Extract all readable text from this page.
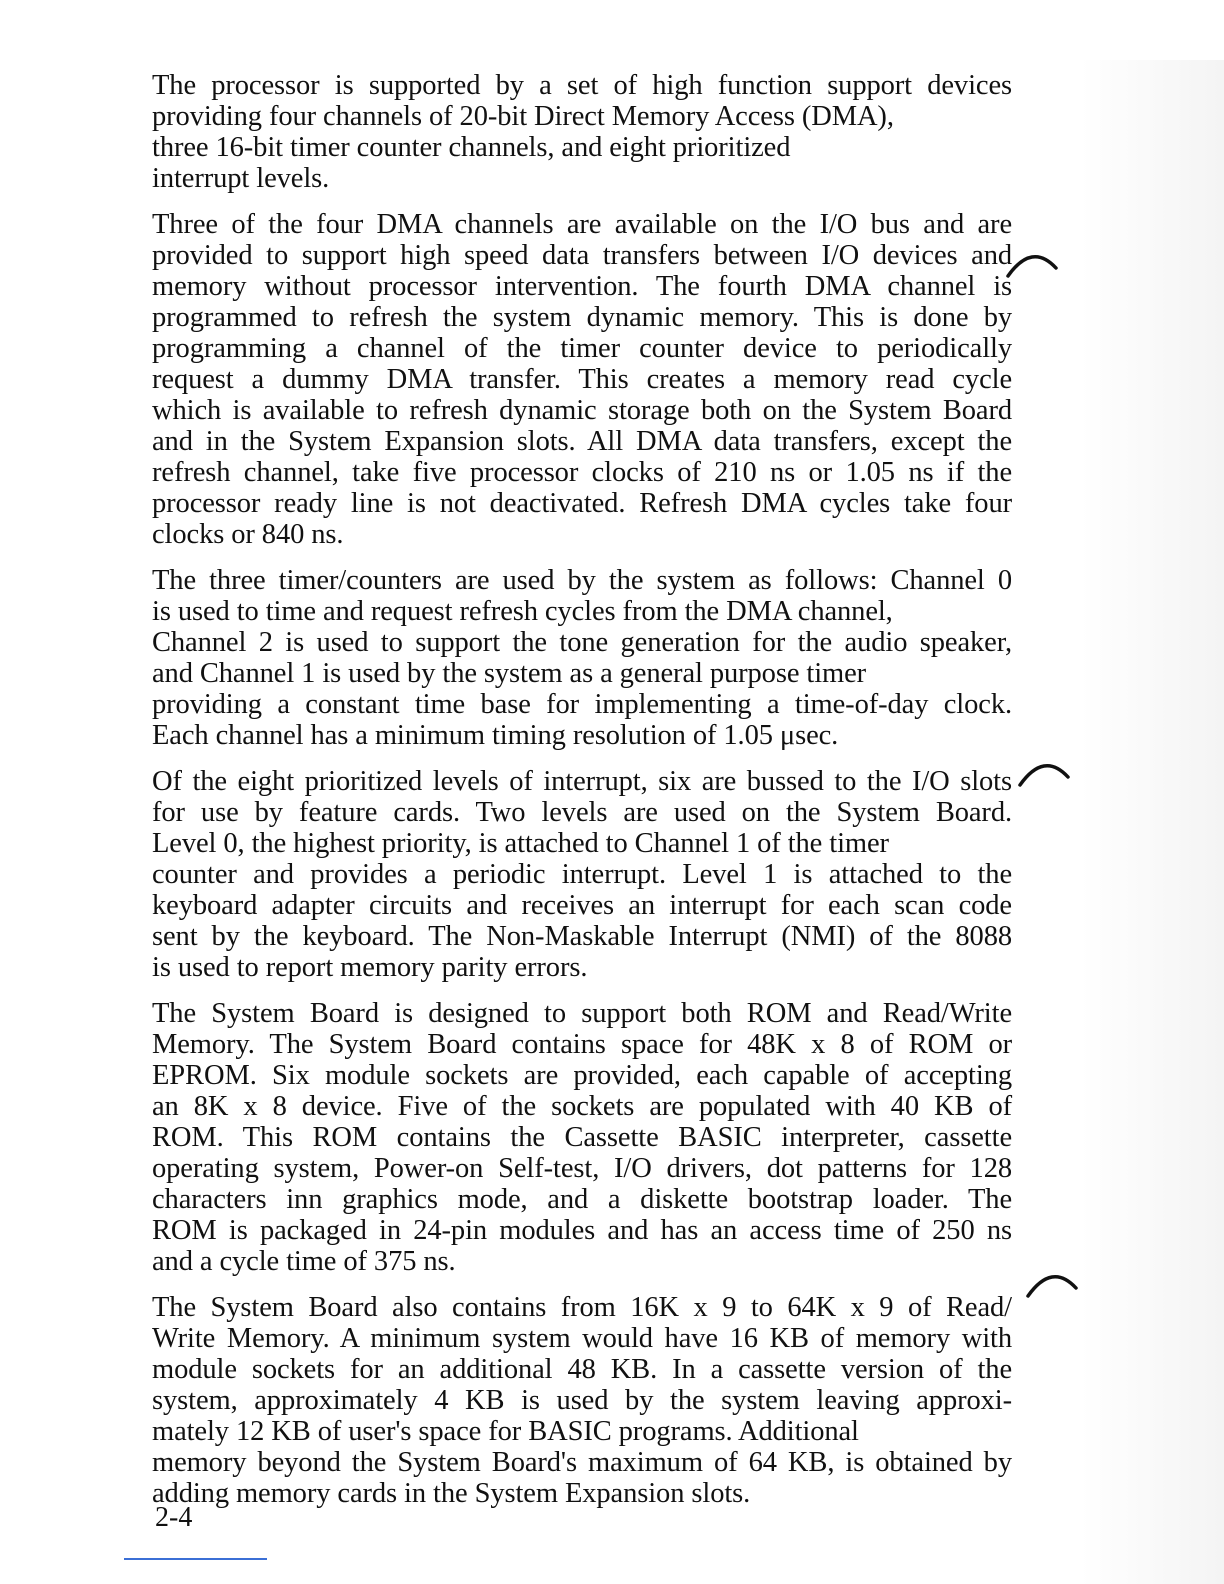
The processor is supported by a set of high function support devices
providing four channels of 20-bit Direct Memory Access (DMA),
three 16-bit timer counter channels, and eight prioritized
interrupt levels.
Three of the four DMA channels are available on the I/O bus and are
provided to support high speed data transfers between I/O devices and
memory without processor intervention. The fourth DMA channel is
programmed to refresh the system dynamic memory. This is done by
programming a channel of the timer counter device to periodically
request a dummy DMA transfer. This creates a memory read cycle
which is available to refresh dynamic storage both on the System Board
and in the System Expansion slots. All DMA data transfers, except the
refresh channel, take five processor clocks of 210 ns or 1.05 ns if the
processor ready line is not deactivated. Refresh DMA cycles take four
clocks or 840 ns.
The three timer/counters are used by the system as follows: Channel 0
is used to time and request refresh cycles from the DMA channel,
Channel 2 is used to support the tone generation for the audio speaker,
and Channel 1 is used by the system as a general purpose timer
providing a constant time base for implementing a time-of-day clock.
Each channel has a minimum timing resolution of 1.05 μsec.
Of the eight prioritized levels of interrupt, six are bussed to the I/O slots
for use by feature cards. Two levels are used on the System Board.
Level 0, the highest priority, is attached to Channel 1 of the timer
counter and provides a periodic interrupt. Level 1 is attached to the
keyboard adapter circuits and receives an interrupt for each scan code
sent by the keyboard. The Non-Maskable Interrupt (NMI) of the 8088
is used to report memory parity errors.
The System Board is designed to support both ROM and Read/Write
Memory. The System Board contains space for 48K x 8 of ROM or
EPROM. Six module sockets are provided, each capable of accepting
an 8K x 8 device. Five of the sockets are populated with 40 KB of
ROM. This ROM contains the Cassette BASIC interpreter, cassette
operating system, Power-on Self-test, I/O drivers, dot patterns for 128
characters inn graphics mode, and a diskette bootstrap loader. The
ROM is packaged in 24-pin modules and has an access time of 250 ns
and a cycle time of 375 ns.
The System Board also contains from 16K x 9 to 64K x 9 of Read/
Write Memory. A minimum system would have 16 KB of memory with
module sockets for an additional 48 KB. In a cassette version of the
system, approximately 4 KB is used by the system leaving approxi-
mately 12 KB of user's space for BASIC programs. Additional
memory beyond the System Board's maximum of 64 KB, is obtained by
adding memory cards in the System Expansion slots.
2-4
